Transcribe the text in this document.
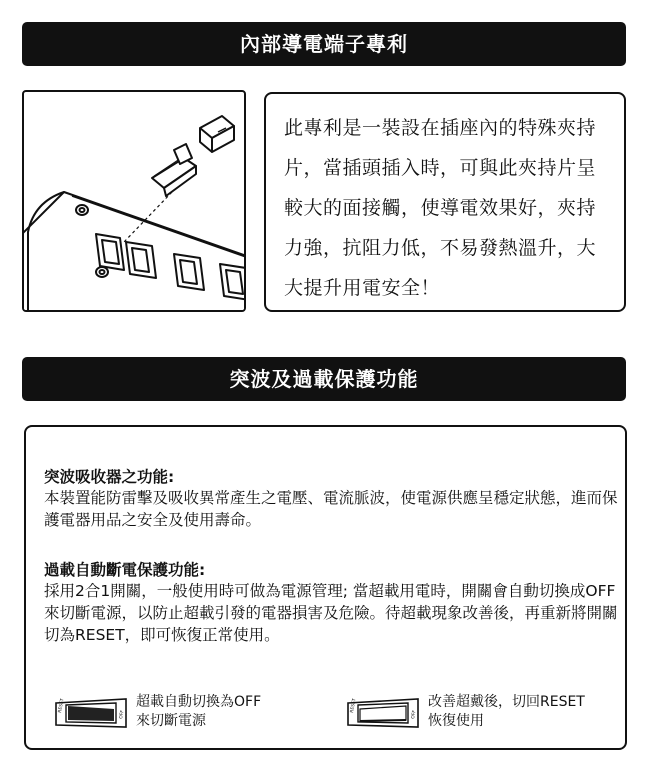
內部導電端子專利

此專利是一裝設在插座內的特殊夾持片，當插頭插入時，可與此夾持片呈較大的面接觸，使導電效果好，夾持力強，抗阻力低，不易發熱溫升，大大提升用電安全！

突波及過載保護功能

突波吸收器之功能:

本裝置能防雷擊及吸收異常產生之電壓、電流脈波，使電源供應呈穩定狀態，進而保護電器用品之安全及使用壽命。

過載自動斷電保護功能:

採用2合1開關，一般使用時可做為電源管理; 當超載用電時，開關會自動切換成OFF來切斷電源，以防止超載引發的電器損害及危險。待超載現象改善後，再重新將開關切為RESET，即可恢復正常使用。

RESET
OFF
超載自動切換為OFF
來切斷電源
RESET
OFF
改善超戴後，切回RESET
恢復使用
